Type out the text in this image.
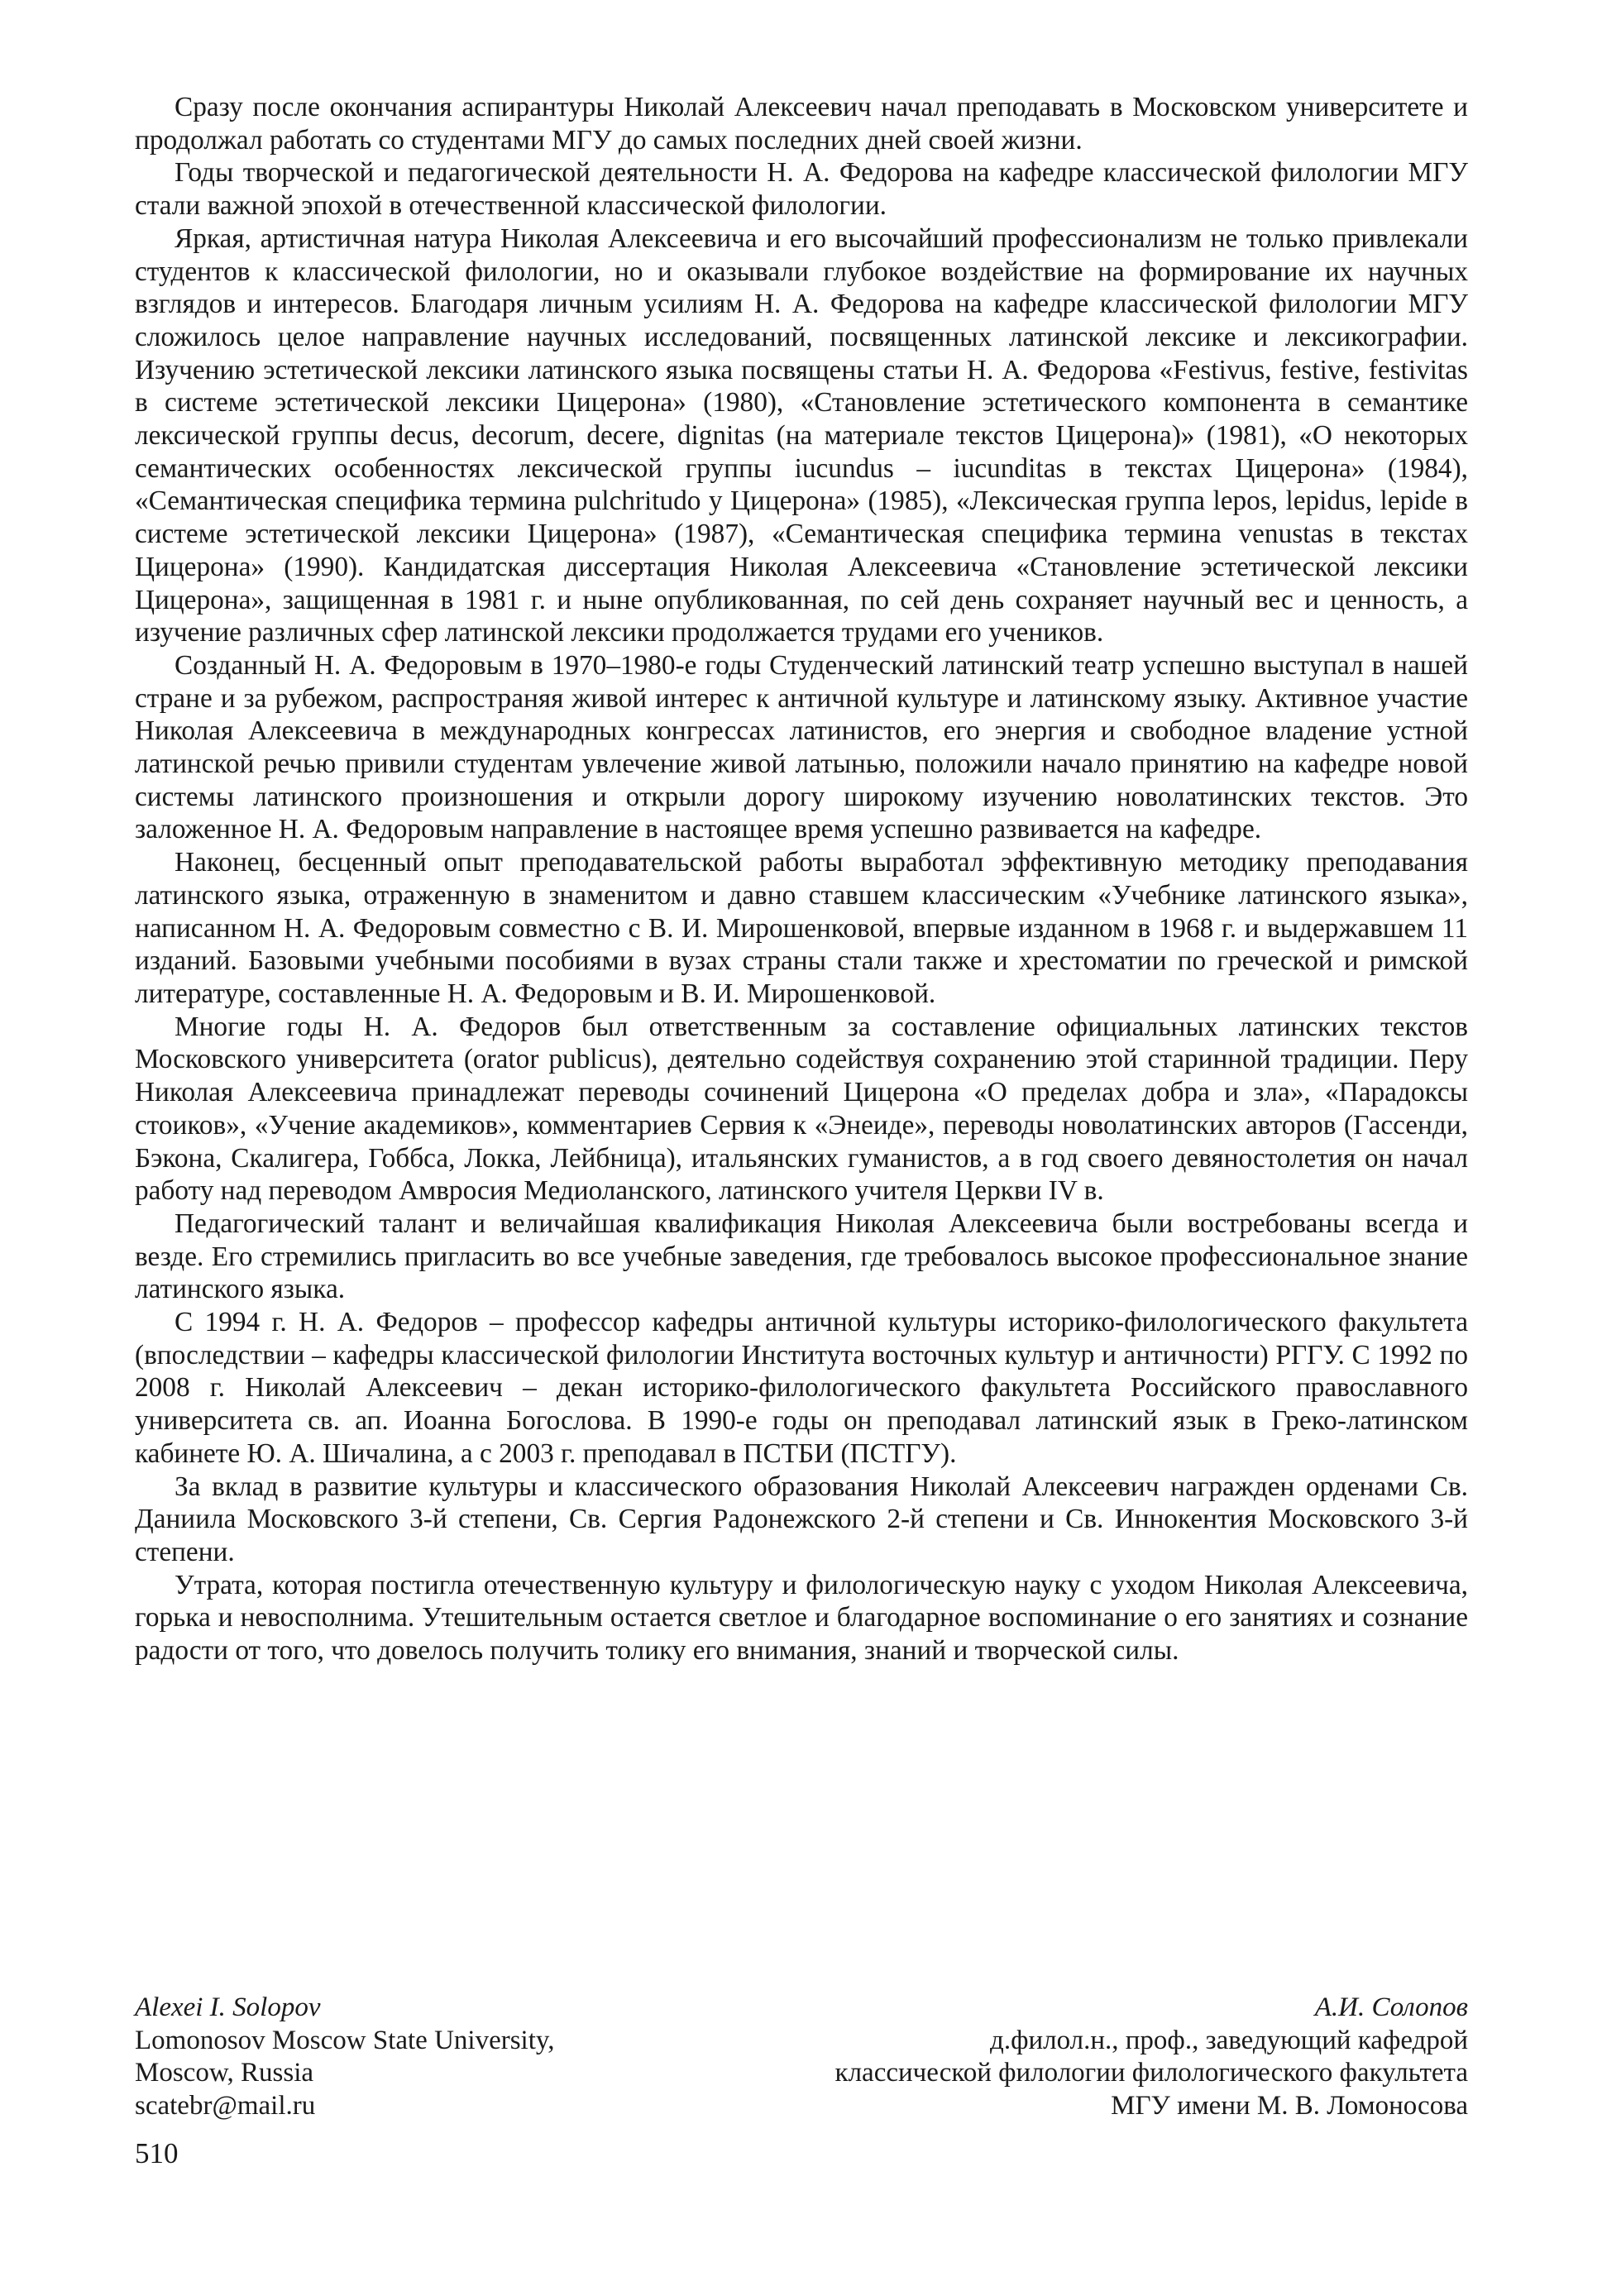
Сразу после окончания аспирантуры Николай Алексеевич начал преподавать в Московском университете и продолжал работать со студентами МГУ до самых последних дней своей жизни.

Годы творческой и педагогической деятельности Н. А. Федорова на кафедре классической филологии МГУ стали важной эпохой в отечественной классической филологии.

Яркая, артистичная натура Николая Алексеевича и его высочайший профессионализм не только привлекали студентов к классической филологии, но и оказывали глубокое воздействие на формирование их научных взглядов и интересов. Благодаря личным усилиям Н. А. Федорова на кафедре классической филологии МГУ сложилось целое направление научных исследований, посвященных латинской лексике и лексикографии. Изучению эстетической лексики латинского языка посвящены статьи Н. А. Федорова «Festivus, festive, festivitas в системе эстетической лексики Цицерона» (1980), «Становление эстетического компонента в семантике лексической группы decus, decorum, decere, dignitas (на материале текстов Цицерона)» (1981), «О некоторых семантических особенностях лексической группы iucundus – iucunditas в текстах Цицерона» (1984), «Семантическая специфика термина pulchritudo у Цицерона» (1985), «Лексическая группа lepos, lepidus, lepide в системе эстетической лексики Цицерона» (1987), «Семантическая специфика термина venustas в текстах Цицерона» (1990). Кандидатская диссертация Николая Алексеевича «Становление эстетической лексики Цицерона», защищенная в 1981 г. и ныне опубликованная, по сей день сохраняет научный вес и ценность, а изучение различных сфер латинской лексики продолжается трудами его учеников.

Созданный Н. А. Федоровым в 1970–1980-е годы Студенческий латинский театр успешно выступал в нашей стране и за рубежом, распространяя живой интерес к античной культуре и латинскому языку. Активное участие Николая Алексеевича в международных конгрессах латинистов, его энергия и свободное владение устной латинской речью привили студентам увлечение живой латынью, положили начало принятию на кафедре новой системы латинского произношения и открыли дорогу широкому изучению новолатинских текстов. Это заложенное Н. А. Федоровым направление в настоящее время успешно развивается на кафедре.

Наконец, бесценный опыт преподавательской работы выработал эффективную методику преподавания латинского языка, отраженную в знаменитом и давно ставшем классическим «Учебнике латинского языка», написанном Н. А. Федоровым совместно с В. И. Мирошенковой, впервые изданном в 1968 г. и выдержавшем 11 изданий. Базовыми учебными пособиями в вузах страны стали также и хрестоматии по греческой и римской литературе, составленные Н. А. Федоровым и В. И. Мирошенковой.

Многие годы Н. А. Федоров был ответственным за составление официальных латинских текстов Московского университета (orator publicus), деятельно содействуя сохранению этой старинной традиции. Перу Николая Алексеевича принадлежат переводы сочинений Цицерона «О пределах добра и зла», «Парадоксы стоиков», «Учение академиков», комментариев Сервия к «Энеиде», переводы новолатинских авторов (Гассенди, Бэкона, Скалигера, Гоббса, Локка, Лейбница), итальянских гуманистов, а в год своего девяностолетия он начал работу над переводом Амвросия Медиоланского, латинского учителя Церкви IV в.

Педагогический талант и величайшая квалификация Николая Алексеевича были востребованы всегда и везде. Его стремились пригласить во все учебные заведения, где требовалось высокое профессиональное знание латинского языка.

С 1994 г. Н. А. Федоров – профессор кафедры античной культуры историко-филологического факультета (впоследствии – кафедры классической филологии Института восточных культур и античности) РГГУ. С 1992 по 2008 г. Николай Алексеевич – декан историко-филологического факультета Российского православного университета св. ап. Иоанна Богослова. В 1990-е годы он преподавал латинский язык в Греко-латинском кабинете Ю. А. Шичалина, а с 2003 г. преподавал в ПСТБИ (ПСТГУ).

За вклад в развитие культуры и классического образования Николай Алексеевич награжден орденами Св. Даниила Московского 3-й степени, Св. Сергия Радонежского 2-й степени и Св. Иннокентия Московского 3-й степени.

Утрата, которая постигла отечественную культуру и филологическую науку с уходом Николая Алексеевича, горька и невосполнима. Утешительным остается светлое и благодарное воспоминание о его занятиях и сознание радости от того, что довелось получить толику его внимания, знаний и творческой силы.

Alexei I. Solopov
Lomonosov Moscow State University,
Moscow, Russia
scatebr@mail.ru
А.И. Солопов
д.филол.н., проф., заведующий кафедрой
классической филологии филологического факультета
МГУ имени М. В. Ломоносова
510
